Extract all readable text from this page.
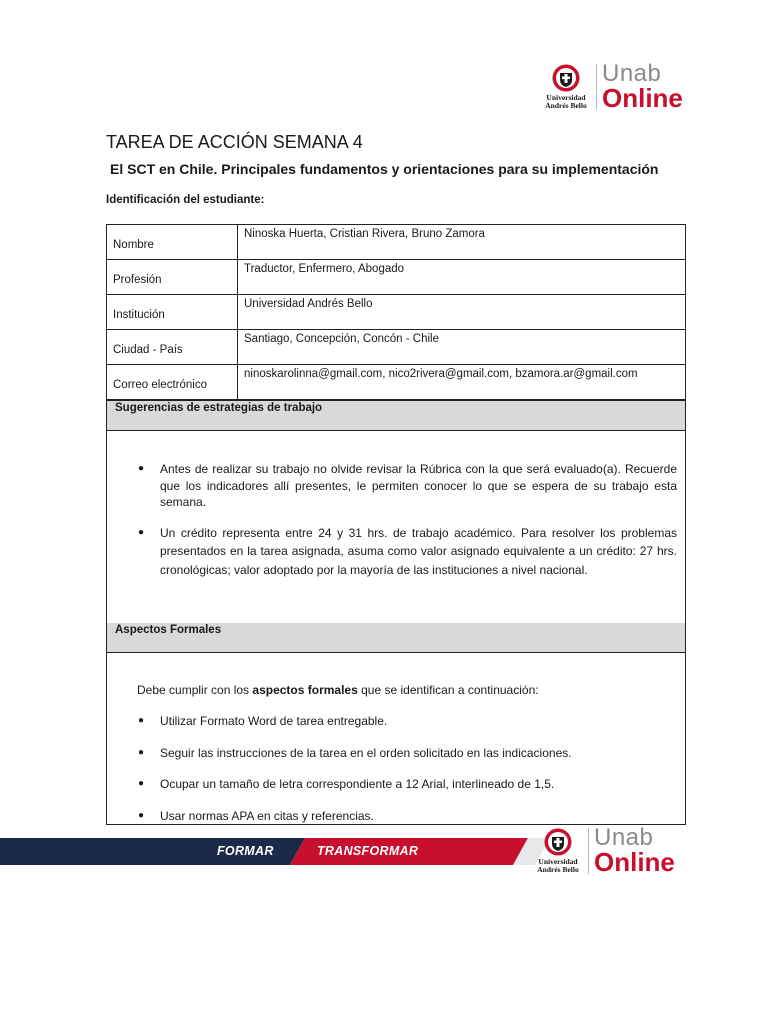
Universidad
Andrés Bello
Unab
Online
TAREA DE ACCIÓN SEMANA 4
El SCT en Chile. Principales fundamentos y orientaciones para su implementación
Identificación del estudiante:
Nombre	Ninoska Huerta, Cristian Rivera, Bruno Zamora
Profesión	Traductor, Enfermero, Abogado
Institución	Universidad Andrés Bello
Ciudad - País	Santiago, Concepción, Concón - Chile
Correo electrónico	ninoskarolinna@gmail.com, nico2rivera@gmail.com, bzamora.ar@gmail.com
Sugerencias de estrategias de trabajo
● Antes de realizar su trabajo no olvide revisar la Rúbrica con la que será evaluado(a). Recuerde que los indicadores allí presentes, le permiten conocer lo que se espera de su trabajo esta semana.
● Un crédito representa entre 24 y 31 hrs. de trabajo académico. Para resolver los problemas presentados en la tarea asignada, asuma como valor asignado equivalente a un crédito: 27 hrs. cronológicas; valor adoptado por la mayoría de las instituciones a nivel nacional.
Aspectos Formales
Debe cumplir con los aspectos formales que se identifican a continuación:
● Utilizar Formato Word de tarea entregable.
● Seguir las instrucciones de la tarea en el orden solicitado en las indicaciones.
● Ocupar un tamaño de letra correspondiente a 12 Arial, interlineado de 1,5.
● Usar normas APA en citas y referencias.
FORMAR	TRANSFORMAR
Universidad
Andrés Bello
Unab
Online
